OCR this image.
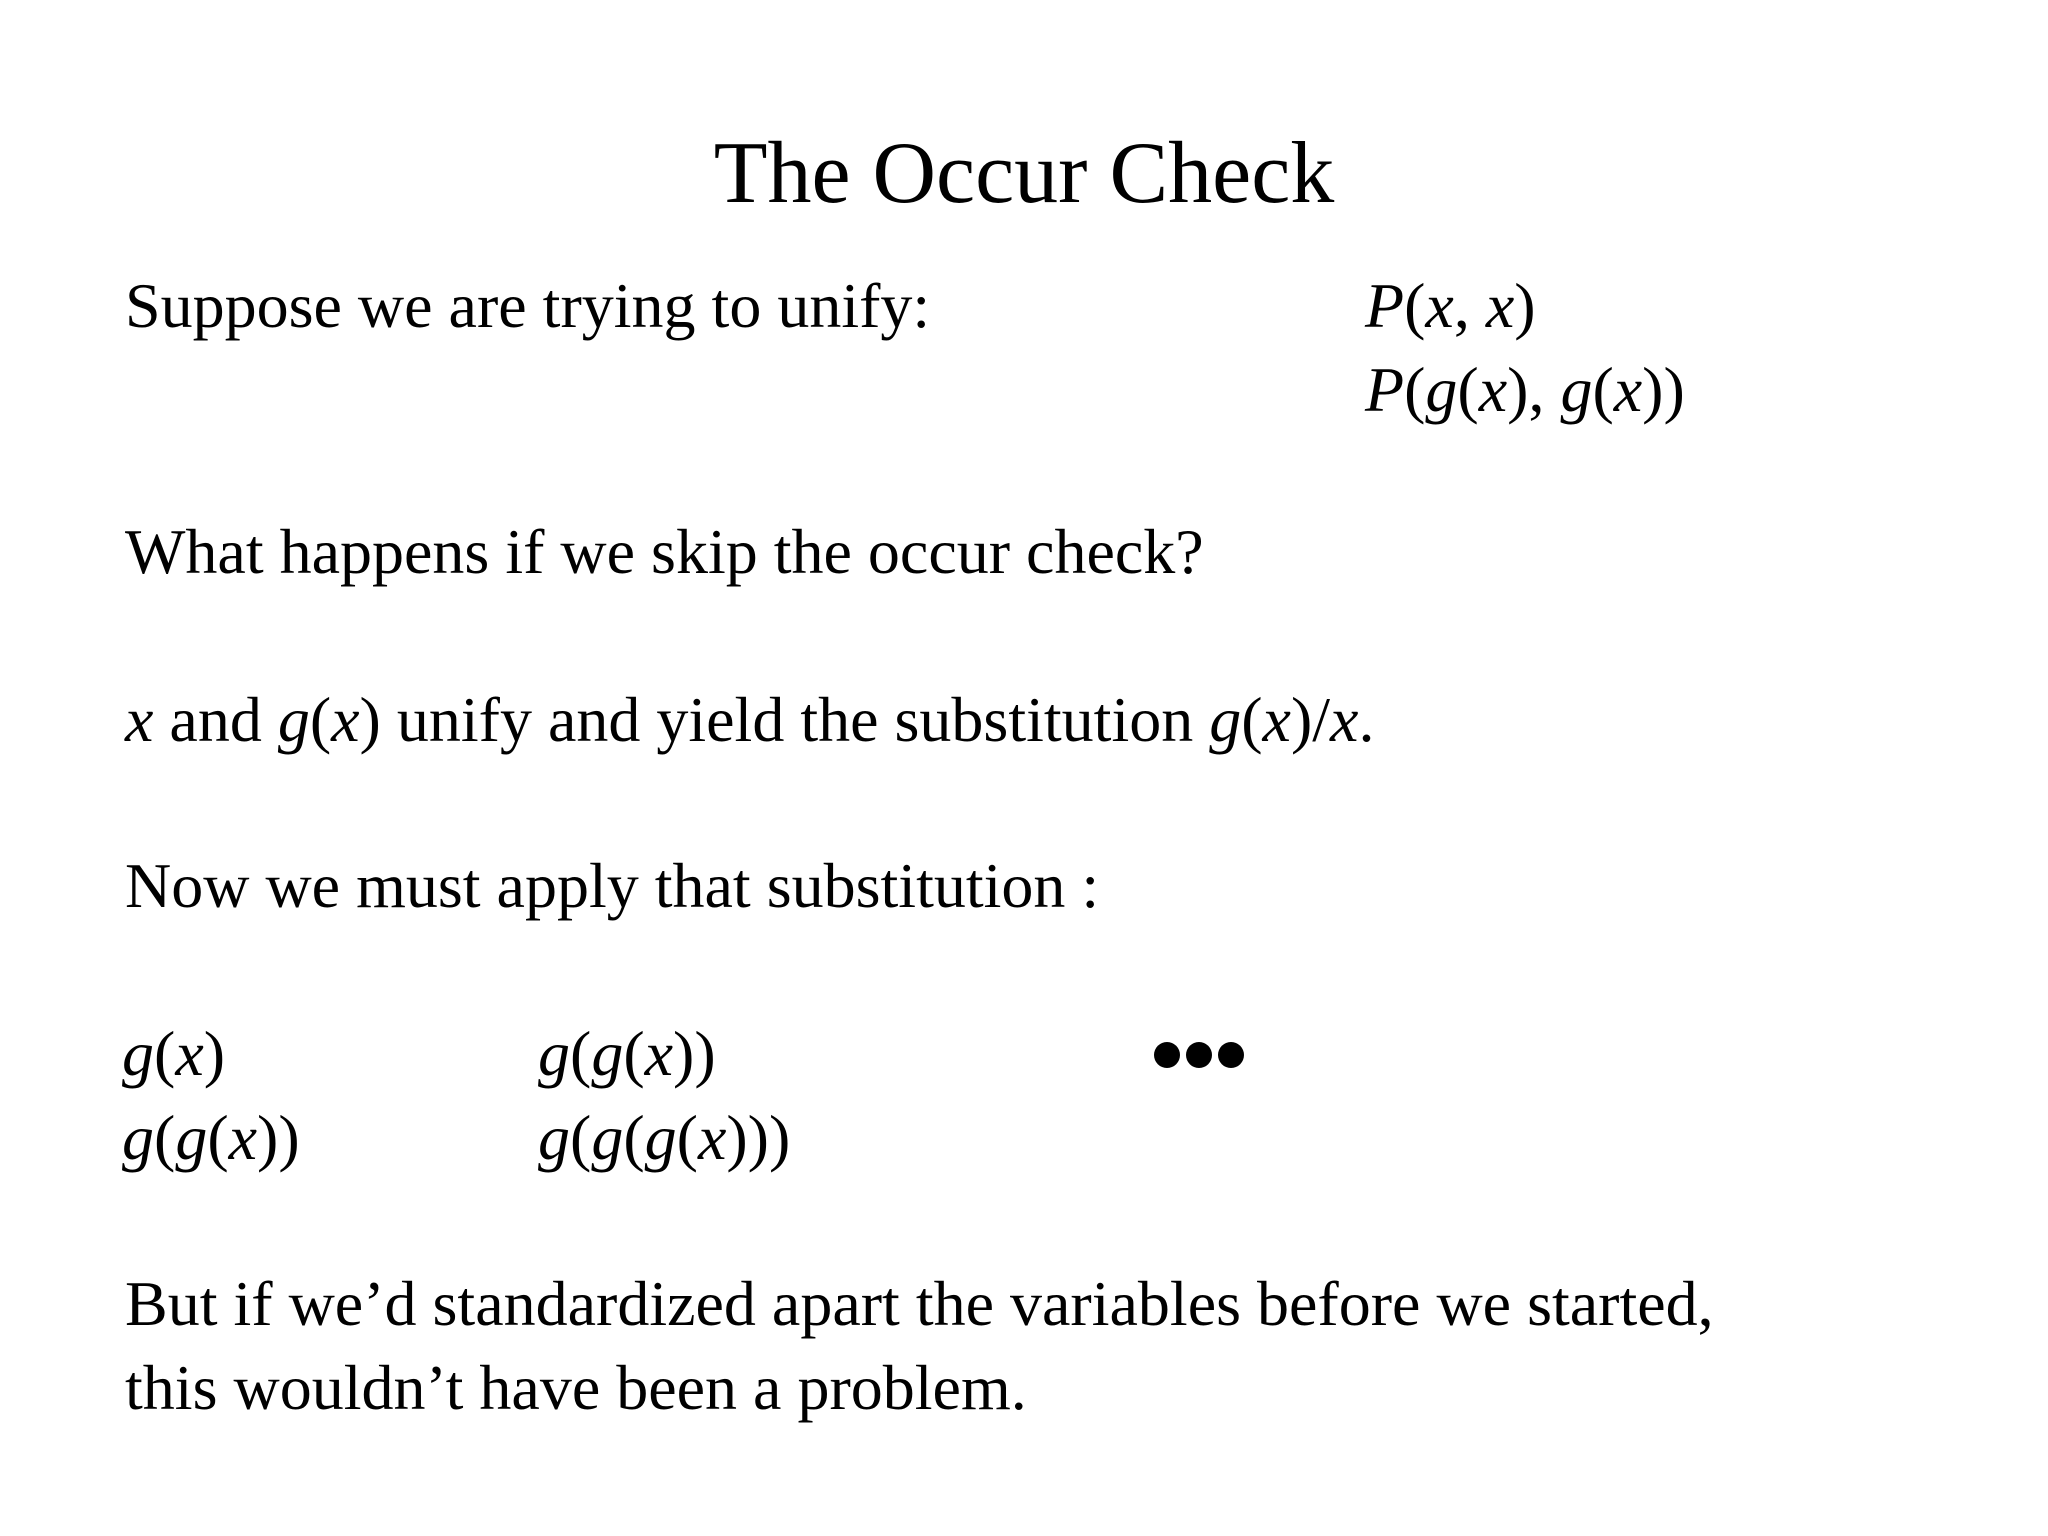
The Occur Check
Suppose we are trying to unify:	P(x, x)
P(g(x), g(x))
What happens if we skip the occur check?
x and g(x) unify and yield the substitution g(x)/x.
Now we must apply that substitution :
g(x)
g(g(x))
g(g(x))
g(g(g(x)))
But if we’d standardized apart the variables before we started,
this wouldn’t have been a problem.
